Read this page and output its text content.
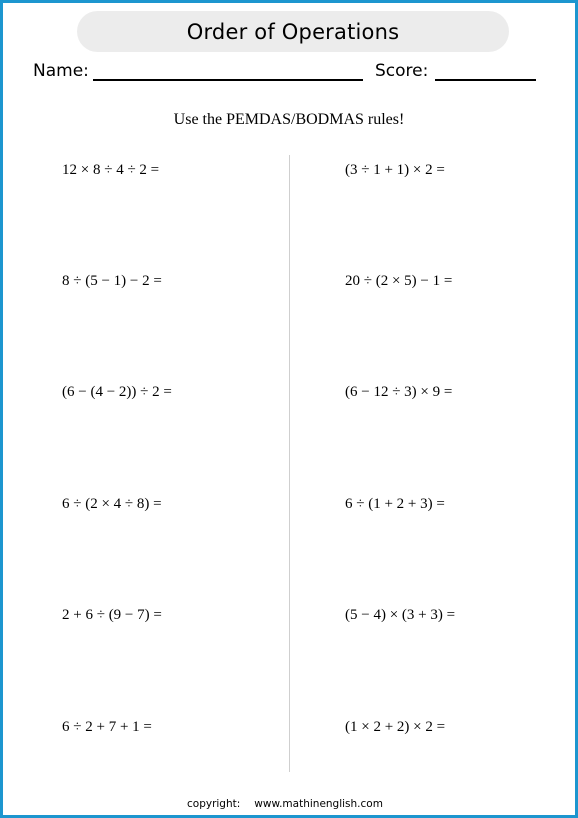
Order of Operations
Name:	Score:
Use the PEMDAS/BODMAS rules!
12 × 8 ÷ 4 ÷ 2 =
8 ÷ (5 − 1) − 2 =
(6 − (4 − 2)) ÷ 2 =
6 ÷ (2 × 4 ÷ 8) =
2 + 6 ÷ (9 − 7) =
6 ÷ 2 + 7 + 1 =
(3 ÷ 1 + 1) × 2 =
20 ÷ (2 × 5) − 1 =
(6 − 12 ÷ 3) × 9 =
6 ÷ (1 + 2 + 3) =
(5 − 4) × (3 + 3) =
(1 × 2 + 2) × 2 =
copyright: www.mathinenglish.com
